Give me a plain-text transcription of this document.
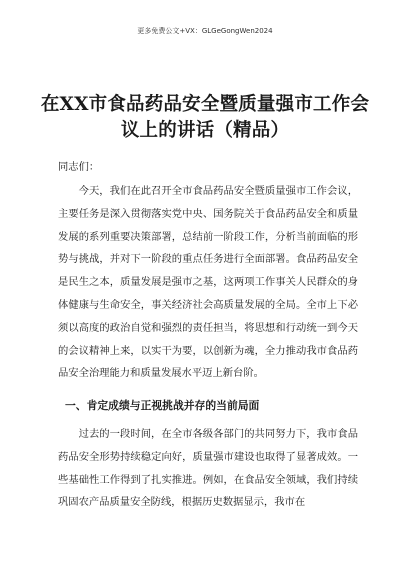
更多免费公文+VX：GLGeGongWen2024
在XX市食品药品安全暨质量强市工作会议上的讲话（精品）
同志们：

今天，我们在此召开全市食品药品安全暨质量强市工作会议，主要任务是深入贯彻落实党中央、国务院关于食品药品安全和质量发展的系列重要决策部署，总结前一阶段工作，分析当前面临的形势与挑战，并对下一阶段的重点任务进行全面部署。食品药品安全是民生之本，质量发展是强市之基，这两项工作事关人民群众的身体健康与生命安全，事关经济社会高质量发展的全局。全市上下必须以高度的政治自觉和强烈的责任担当，将思想和行动统一到今天的会议精神上来，以实干为要，以创新为魂，全力推动我市食品药品安全治理能力和质量发展水平迈上新台阶。

一、肯定成绩与正视挑战并存的当前局面

过去的一段时间，在全市各级各部门的共同努力下，我市食品药品安全形势持续稳定向好，质量强市建设也取得了显著成效。一些基础性工作得到了扎实推进。例如，在食品安全领域，我们持续巩固农产品质量安全防线，根据历史数据显示，我市在
